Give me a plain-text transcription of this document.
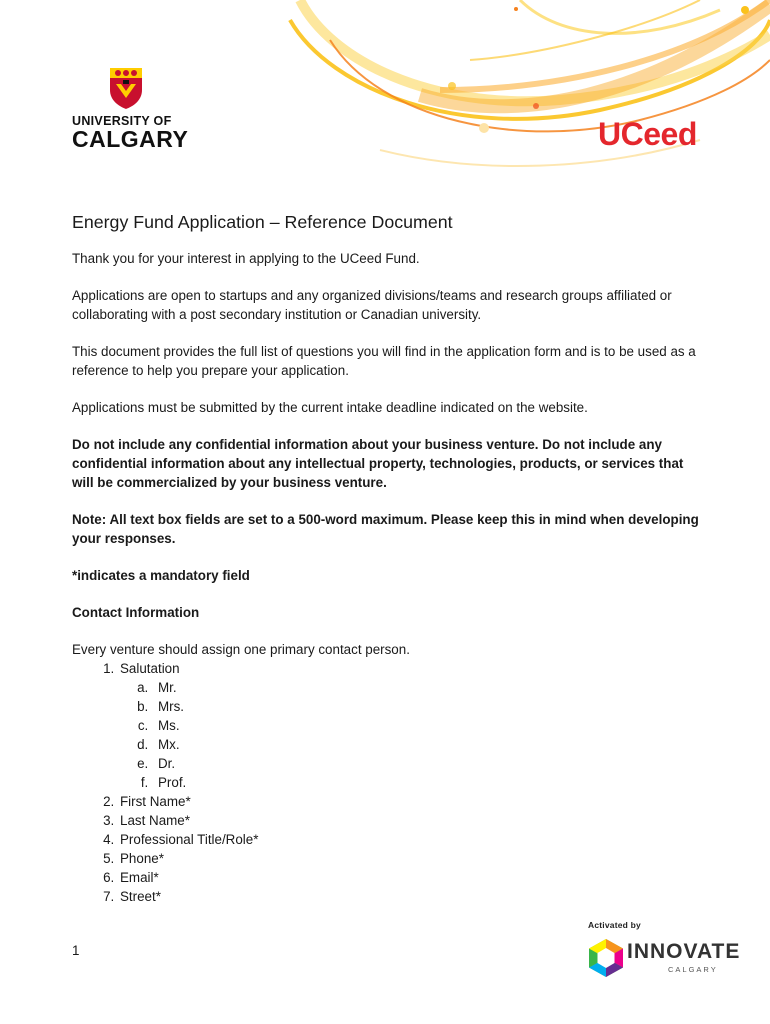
UNIVERSITY OF
CALGARY	UCeed
Energy Fund Application – Reference Document

Thank you for your interest in applying to the UCeed Fund.

Applications are open to startups and any organized divisions/teams and research groups affiliated or collaborating with a post secondary institution or Canadian university.

This document provides the full list of questions you will find in the application form and is to be used as a reference to help you prepare your application.

Applications must be submitted by the current intake deadline indicated on the website.

Do not include any confidential information about your business venture. Do not include any confidential information about any intellectual property, technologies, products, or services that will be commercialized by your business venture.

Note: All text box fields are set to a 500-word maximum. Please keep this in mind when developing your responses.

*indicates a mandatory field

Contact Information

Every venture should assign one primary contact person.
1. Salutation
a. Mr.
b. Mrs.
c. Ms.
d. Mx.
e. Dr.
f. Prof.
2. First Name*
3. Last Name*
4. Professional Title/Role*
5. Phone*
6. Email*
7. Street*
1
Activated by
INNOVATE
CALGARY
